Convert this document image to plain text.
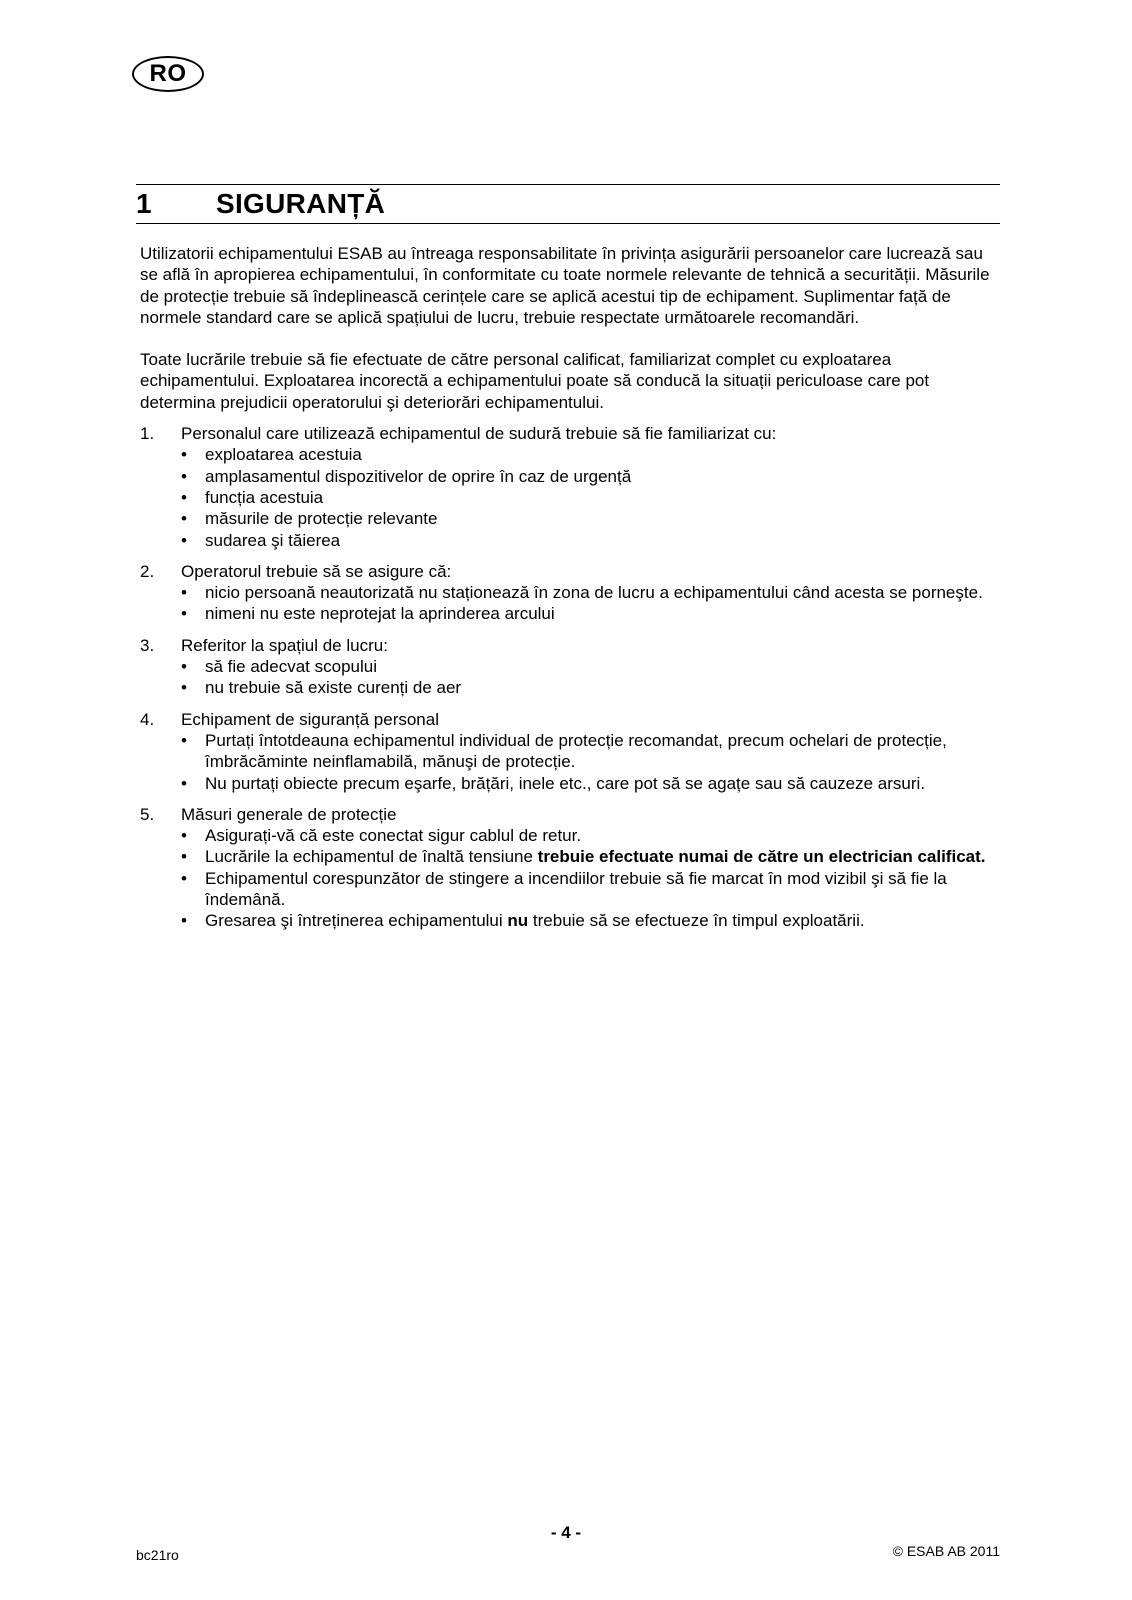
RO
1	SIGURANȚĂ

Utilizatorii echipamentului ESAB au întreaga responsabilitate în privința asigurării persoanelor care lucrează sau se află în apropierea echipamentului, în conformitate cu toate normele relevante de tehnică a securității. Măsurile de protecție trebuie să îndeplinească cerințele care se aplică acestui tip de echipament. Suplimentar față de normele standard care se aplică spațiului de lucru, trebuie respectate următoarele recomandări.

Toate lucrările trebuie să fie efectuate de către personal calificat, familiarizat complet cu exploatarea echipamentului. Exploatarea incorectă a echipamentului poate să conducă la situații periculoase care pot determina prejudicii operatorului şi deteriorări echipamentului.

1.	Personalul care utilizează echipamentul de sudură trebuie să fie familiarizat cu:
•	exploatarea acestuia
•	amplasamentul dispozitivelor de oprire în caz de urgență
•	funcția acestuia
•	măsurile de protecție relevante
•	sudarea şi tăierea
2.	Operatorul trebuie să se asigure că:
•	nicio persoană neautorizată nu staționează în zona de lucru a echipamentului când acesta se porneşte.
•	nimeni nu este neprotejat la aprinderea arcului
3.	Referitor la spațiul de lucru:
•	să fie adecvat scopului
•	nu trebuie să existe curenți de aer
4.	Echipament de siguranță personal
•	Purtați întotdeauna echipamentul individual de protecție recomandat, precum ochelari de protecție, îmbrăcăminte neinflamabilă, mănuşi de protecție.
•	Nu purtați obiecte precum eşarfe, brățări, inele etc., care pot să se agațe sau să cauzeze arsuri.
5.	Măsuri generale de protecție
•	Asigurați-vă că este conectat sigur cablul de retur.
•	Lucrările la echipamentul de înaltă tensiune trebuie efectuate numai de către un electrician calificat.
•	Echipamentul corespunzător de stingere a incendiilor trebuie să fie marcat în mod vizibil şi să fie la îndemână.
•	Gresarea şi întreținerea echipamentului nu trebuie să se efectueze în timpul exploatării.
- 4 -
bc21ro	© ESAB AB 2011
